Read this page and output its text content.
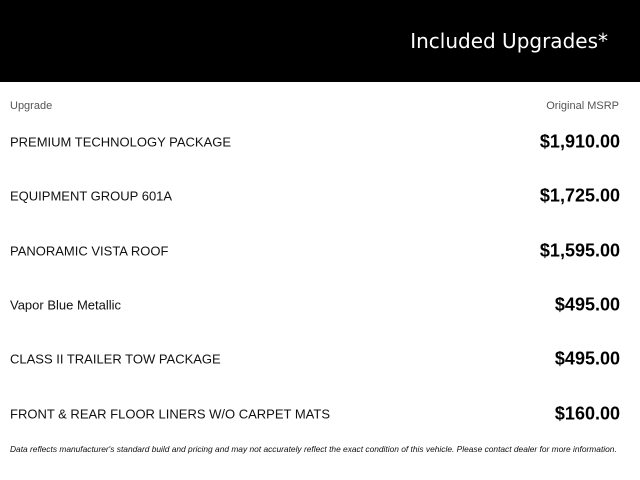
Included Upgrades*
Upgrade	Original MSRP
PREMIUM TECHNOLOGY PACKAGE	$1,910.00
EQUIPMENT GROUP 601A	$1,725.00
PANORAMIC VISTA ROOF	$1,595.00
Vapor Blue Metallic	$495.00
CLASS II TRAILER TOW PACKAGE	$495.00
FRONT & REAR FLOOR LINERS W/O CARPET MATS	$160.00
Data reflects manufacturer's standard build and pricing and may not accurately reflect the exact condition of this vehicle. Please contact dealer for more information.
